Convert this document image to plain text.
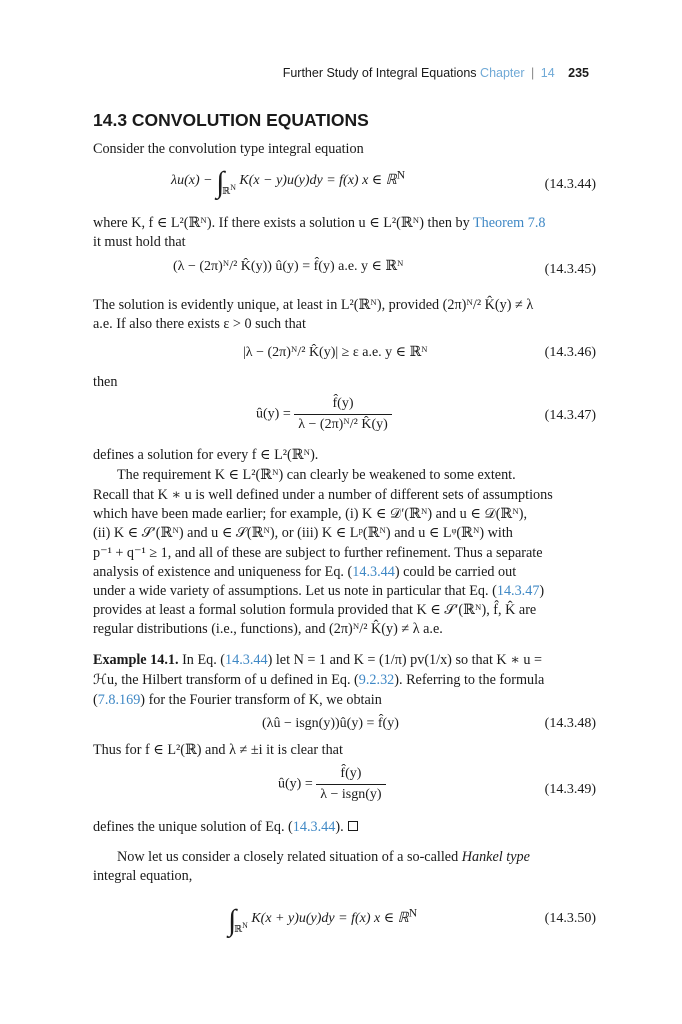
Further Study of Integral Equations Chapter | 14 235
14.3 CONVOLUTION EQUATIONS
Consider the convolution type integral equation
$\lambda u(x) - \int_{ℝ^N}$ K(x − y)u(y)dy = f(x) x ∈ ℝ$^N$
(14.3.44)
where K, f ∈ L²(ℝᴺ). If there exists a solution u ∈ L²(ℝᴺ) then by Theorem 7.8
it must hold that
(λ − (2π)ᴺ/² K̂(y)) û(y) = f̂(y) a.e. y ∈ ℝᴺ	(14.3.45)
The solution is evidently unique, at least in L²(ℝᴺ), provided (2π)ᴺ/² K̂(y) ≠ λ
a.e. If also there exists ε > 0 such that
|λ − (2π)ᴺ/² K̂(y)| ≥ ε a.e. y ∈ ℝᴺ	(14.3.46)
then
û(y) = $\frac{f̂(y)}{\text{λ − (2π)ᴺ/² K̂(y)}}$	(14.3.47)
defines a solution for every f ∈ L²(ℝᴺ).
The requirement K ∈ L²(ℝᴺ) can clearly be weakened to some extent.
Recall that K ∗ u is well defined under a number of different sets of assumptions
which have been made earlier; for example, (i) K ∈ 𝒟′(ℝᴺ) and u ∈ 𝒟(ℝᴺ),
(ii) K ∈ 𝒮′(ℝᴺ) and u ∈ 𝒮(ℝᴺ), or (iii) K ∈ Lᵖ(ℝᴺ) and u ∈ Lᵠ(ℝᴺ) with
p⁻¹ + q⁻¹ ≥ 1, and all of these are subject to further refinement. Thus a separate
analysis of existence and uniqueness for Eq. (14.3.44) could be carried out
under a wide variety of assumptions. Let us note in particular that Eq. (14.3.47)
provides at least a formal solution formula provided that K ∈ 𝒮′(ℝᴺ), f̂, K̂ are
regular distributions (i.e., functions), and (2π)ᴺ/² K̂(y) ≠ λ a.e.
Example 14.1. In Eq. (14.3.44) let N = 1 and K = (1/π) pv(1/x) so that K ∗ u =
ℋu, the Hilbert transform of u defined in Eq. (9.2.32). Referring to the formula
(7.8.169) for the Fourier transform of K, we obtain
(λû − isgn(y))û(y) = f̂(y)	(14.3.48)
Thus for f ∈ L²(ℝ) and λ ≠ ±i it is clear that
û(y) = $\frac{f̂(y)}{\text{λ − isgn(y)}}$	(14.3.49)
defines the unique solution of Eq. (14.3.44).
Now let us consider a closely related situation of a so-called Hankel type
integral equation,
$\int_{ℝ^N}$ K(x + y)u(y)dy = f(x) x ∈ ℝ$^N$	(14.3.50)
